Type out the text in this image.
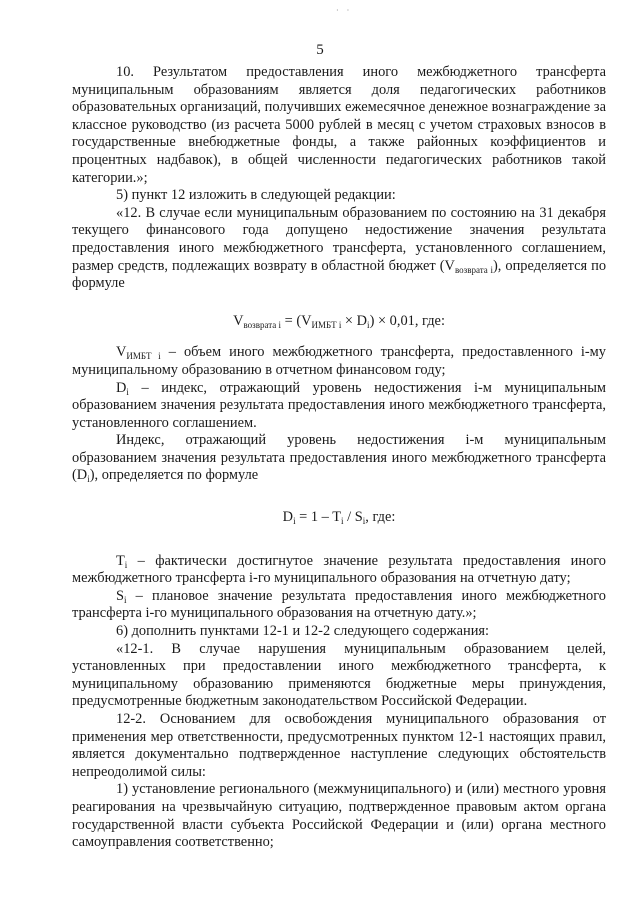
· ·
5

10. Результатом предоставления иного межбюджетного трансферта муниципальным образованиям является доля педагогических работников образовательных организаций, получивших ежемесячное денежное вознаграждение за классное руководство (из расчета 5000 рублей в месяц с учетом страховых взносов в государственные внебюджетные фонды, а также районных коэффициентов и процентных надбавок), в общей численности педагогических работников такой категории.»;

5) пункт 12 изложить в следующей редакции:

«12. В случае если муниципальным образованием по состоянию на 31 декабря текущего финансового года допущено недостижение значения результата предоставления иного межбюджетного трансферта, установленного соглашением, размер средств, подлежащих возврату в областной бюджет $(V_{возврата i})$, определяется по формуле

$V_{возврата i} = (V_{ИМБТ i} \times D_i) \times 0,01$, где:

$V_{ИМБТ i}$ – объем иного межбюджетного трансферта, предоставленного i-му муниципальному образованию в отчетном финансовом году;

$D_i$ – индекс, отражающий уровень недостижения i-м муниципальным образованием значения результата предоставления иного межбюджетного трансферта, установленного соглашением.

Индекс, отражающий уровень недостижения i-м муниципальным образованием значения результата предоставления иного межбюджетного трансферта $(D_i)$, определяется по формуле

$D_i = 1 - T_i / S_i$, где:

$T_i$ – фактически достигнутое значение результата предоставления иного межбюджетного трансферта i-го муниципального образования на отчетную дату;

$S_i$ – плановое значение результата предоставления иного межбюджетного трансферта i-го муниципального образования на отчетную дату.»;

6) дополнить пунктами 12-1 и 12-2 следующего содержания:

«12-1. В случае нарушения муниципальным образованием целей, установленных при предоставлении иного межбюджетного трансферта, к муниципальному образованию применяются бюджетные меры принуждения, предусмотренные бюджетным законодательством Российской Федерации.

12-2. Основанием для освобождения муниципального образования от применения мер ответственности, предусмотренных пунктом 12-1 настоящих правил, является документально подтвержденное наступление следующих обстоятельств непреодолимой силы:

1) установление регионального (межмуниципального) и (или) местного уровня реагирования на чрезвычайную ситуацию, подтвержденное правовым актом органа государственной власти субъекта Российской Федерации и (или) органа местного самоуправления соответственно;
